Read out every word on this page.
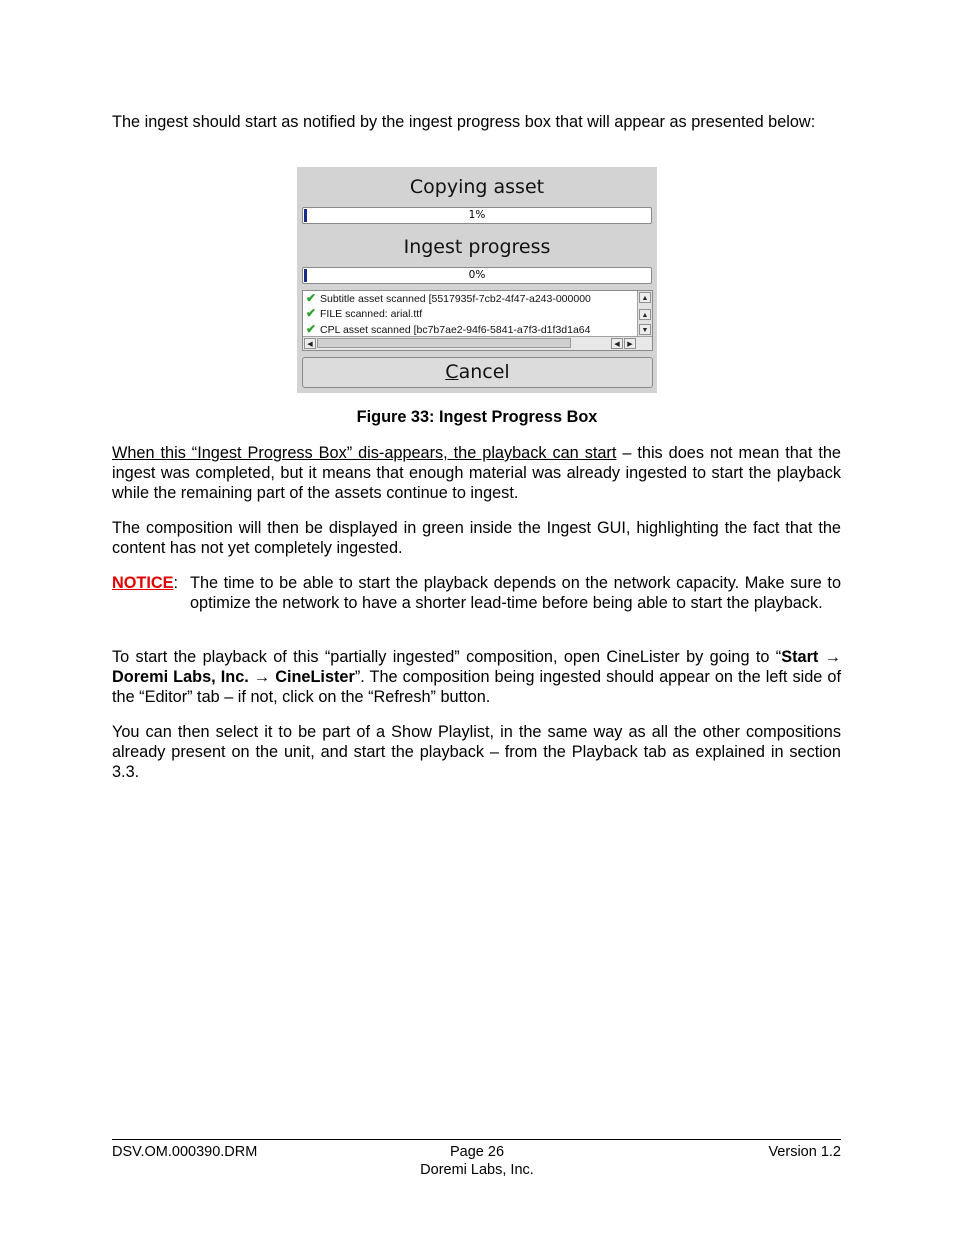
The ingest should start as notified by the ingest progress box that will appear as presented below:

Copying asset
1%
Ingest progress
0%
✔ Subtitle asset scanned [5517935f-7cb2-4f47-a243-000000
✔ FILE scanned: arial.ttf
✔ CPL asset scanned [bc7b7ae2-94f6-5841-a7f3-d1f3d1a64
▲
▲
▼
◀	◀	▶
Cancel
Figure 33: Ingest Progress Box

When this “Ingest Progress Box” dis-appears, the playback can start – this does not mean that the ingest was completed, but it means that enough material was already ingested to start the playback while the remaining part of the assets continue to ingest.

The composition will then be displayed in green inside the Ingest GUI, highlighting the fact that the content has not yet completely ingested.

NOTICE: The time to be able to start the playback depends on the network capacity. Make sure to optimize the network to have a shorter lead-time before being able to start the playback.

To start the playback of this “partially ingested” composition, open CineLister by going to “Start → Doremi Labs, Inc. → CineLister”. The composition being ingested should appear on the left side of the “Editor” tab – if not, click on the “Refresh” button.

You can then select it to be part of a Show Playlist, in the same way as all the other compositions already present on the unit, and start the playback – from the Playback tab as explained in section 3.3.

DSV.OM.000390.DRM	Page 26
Doremi Labs, Inc.
Version 1.2
